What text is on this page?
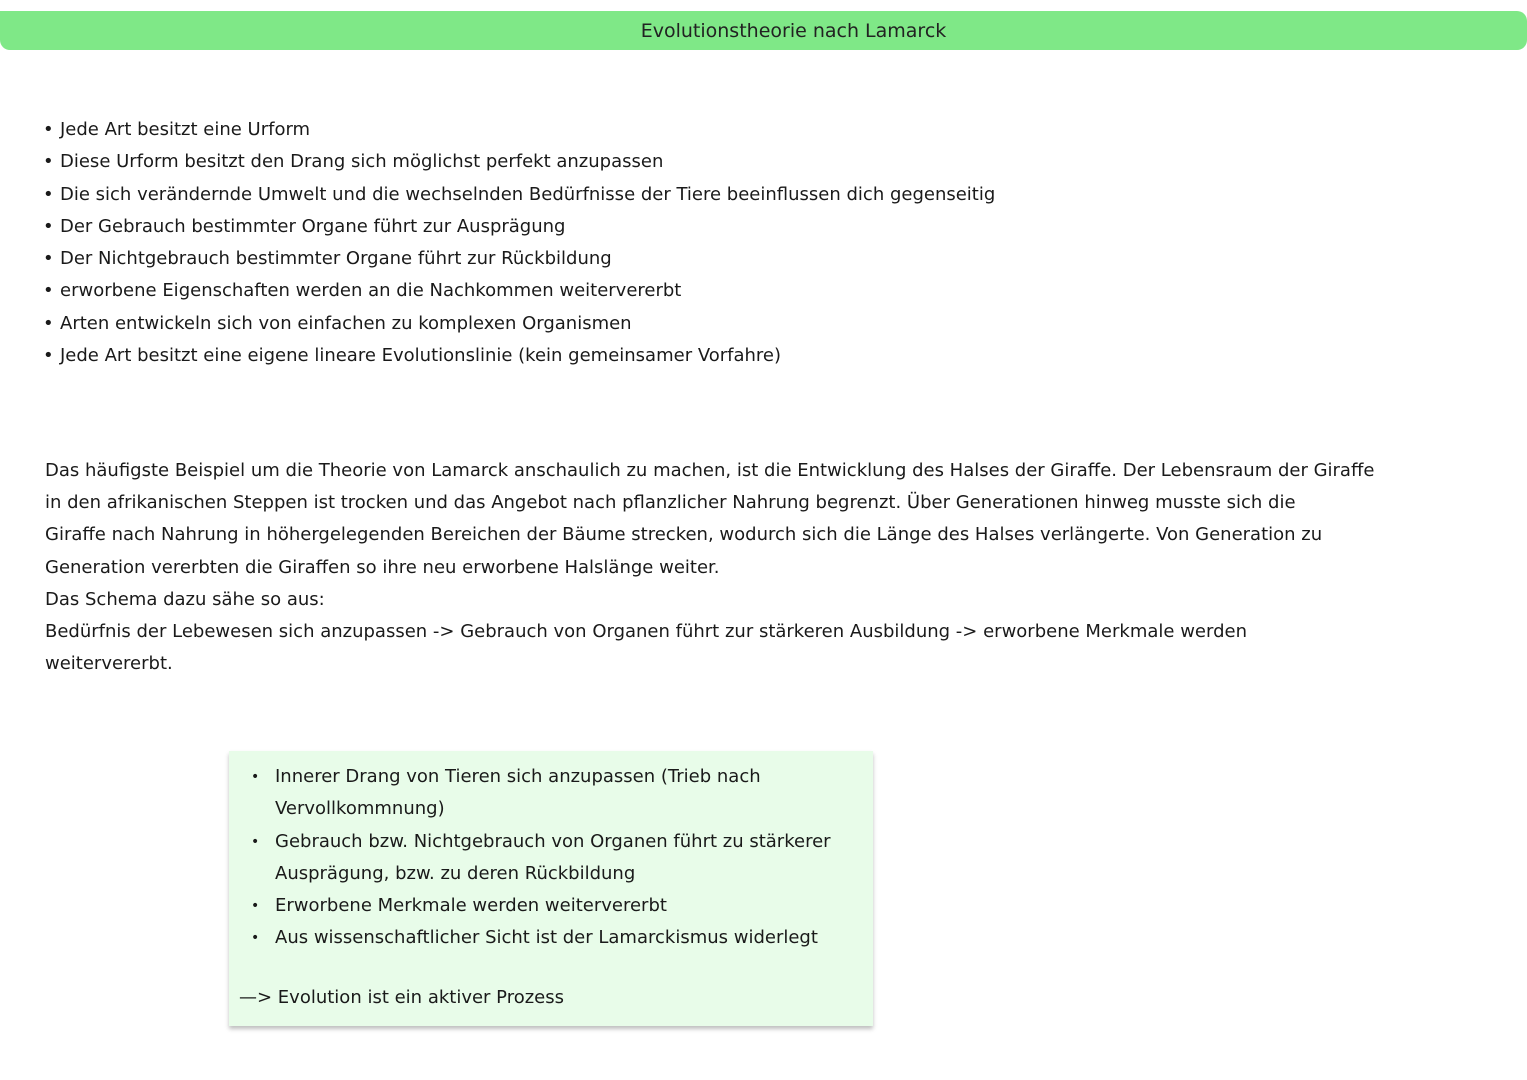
Evolutionstheorie nach Lamarck
• Jede Art besitzt eine Urform
• Diese Urform besitzt den Drang sich möglichst perfekt anzupassen
• Die sich verändernde Umwelt und die wechselnden Bedürfnisse der Tiere beeinflussen dich gegenseitig
• Der Gebrauch bestimmter Organe führt zur Ausprägung
• Der Nichtgebrauch bestimmter Organe führt zur Rückbildung
• erworbene Eigenschaften werden an die Nachkommen weitervererbt
• Arten entwickeln sich von einfachen zu komplexen Organismen
• Jede Art besitzt eine eigene lineare Evolutionslinie (kein gemeinsamer Vorfahre)

Das häufigste Beispiel um die Theorie von Lamarck anschaulich zu machen, ist die Entwicklung des Halses der Giraffe. Der Lebensraum der Giraffe

in den afrikanischen Steppen ist trocken und das Angebot nach pflanzlicher Nahrung begrenzt. Über Generationen hinweg musste sich die

Giraffe nach Nahrung in höhergelegenden Bereichen der Bäume strecken, wodurch sich die Länge des Halses verlängerte. Von Generation zu

Generation vererbten die Giraffen so ihre neu erworbene Halslänge weiter.

Das Schema dazu sähe so aus:

Bedürfnis der Lebewesen sich anzupassen -> Gebrauch von Organen führt zur stärkeren Ausbildung -> erworbene Merkmale werden

weitervererbt.

• Innerer Drang von Tieren sich anzupassen (Trieb nach
Vervollkommnung)
• Gebrauch bzw. Nichtgebrauch von Organen führt zu stärkerer
Ausprägung, bzw. zu deren Rückbildung
• Erworbene Merkmale werden weitervererbt
• Aus wissenschaftlicher Sicht ist der Lamarckismus widerlegt

—> Evolution ist ein aktiver Prozess
